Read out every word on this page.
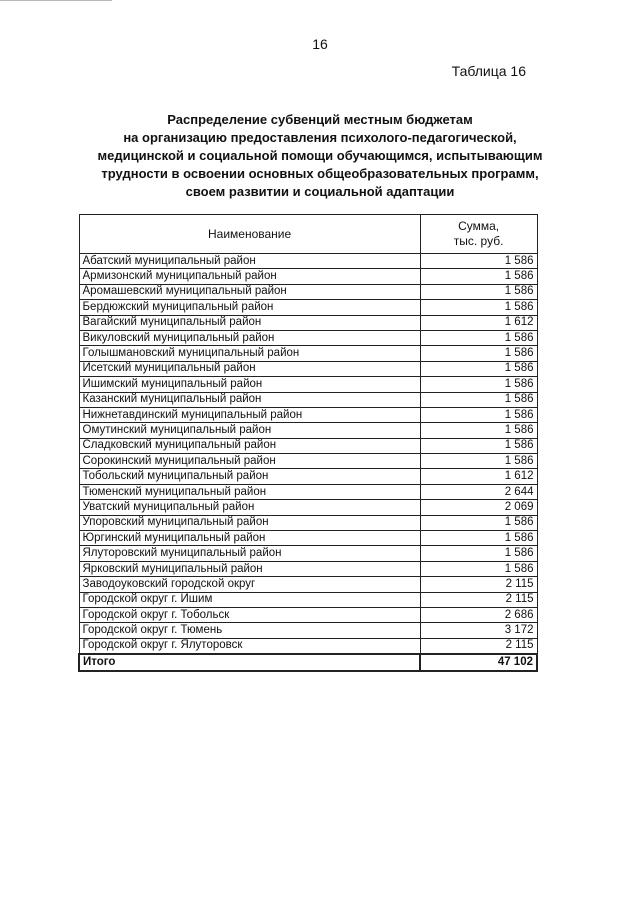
16
Таблица 16
Распределение субвенций местным бюджетам
на организацию предоставления психолого-педагогической,
медицинской и социальной помощи обучающимся, испытывающим
трудности в освоении основных общеобразовательных программ,
своем развитии и социальной адаптации
Наименование	Сумма,
тыс. руб.

Абатский муниципальный район	1 586
Армизонский муниципальный район	1 586
Аромашевский муниципальный район	1 586
Бердюжский муниципальный район	1 586
Вагайский муниципальный район	1 612
Викуловский муниципальный район	1 586
Голышмановский муниципальный район	1 586
Исетский муниципальный район	1 586
Ишимский муниципальный район	1 586
Казанский муниципальный район	1 586
Нижнетавдинский муниципальный район	1 586
Омутинский муниципальный район	1 586
Сладковский муниципальный район	1 586
Сорокинский муниципальный район	1 586
Тобольский муниципальный район	1 612
Тюменский муниципальный район	2 644
Уватский муниципальный район	2 069
Упоровский муниципальный район	1 586
Юргинский муниципальный район	1 586
Ялуторовский муниципальный район	1 586
Ярковский муниципальный район	1 586
Заводоуковский городской округ	2 115
Городской округ г. Ишим	2 115
Городской округ г. Тобольск	2 686
Городской округ г. Тюмень	3 172
Городской округ г. Ялуторовск	2 115
Итого	47 102
